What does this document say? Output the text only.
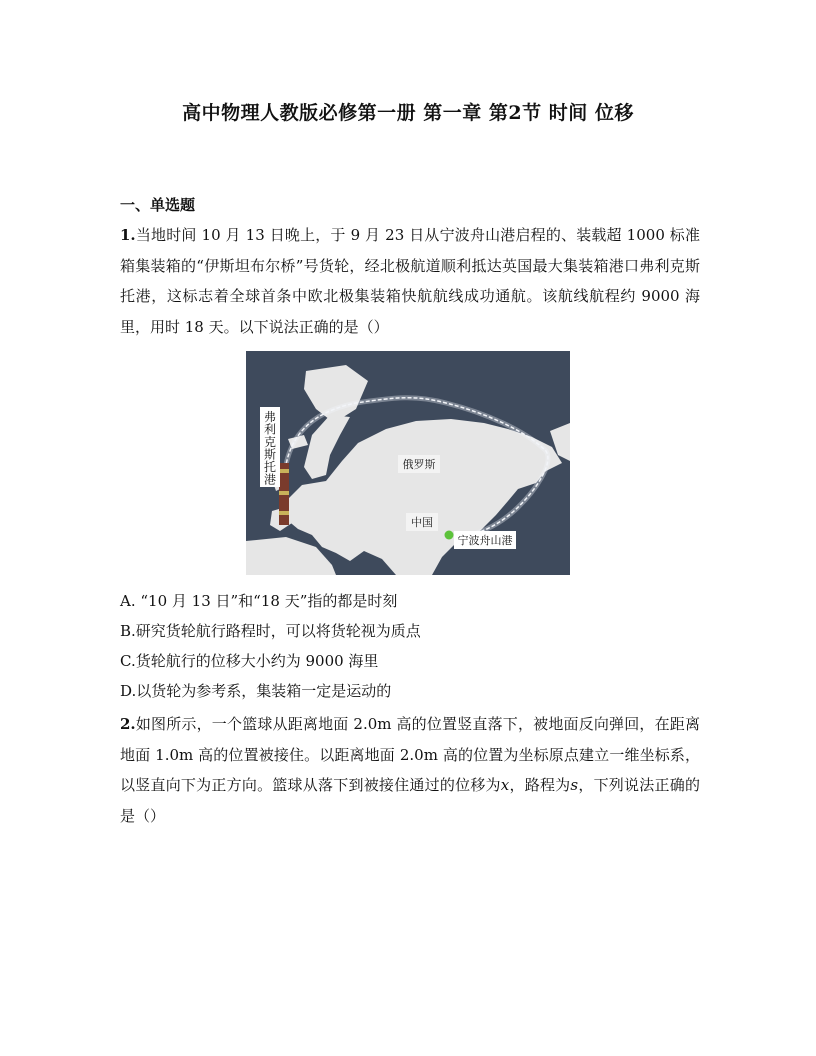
高中物理人教版必修第一册 第一章 第2节 时间 位移
一、单选题

1.当地时间 10 月 13 日晚上，于 9 月 23 日从宁波舟山港启程的、装载超 1000 标准箱集装箱的“伊斯坦布尔桥”号货轮，经北极航道顺利抵达英国最大集装箱港口弗利克斯托港，这标志着全球首条中欧北极集装箱快航航线成功通航。该航线航程约 9000 海里，用时 18 天。以下说法正确的是（）

弗利克斯托港
俄罗斯
中国
宁波舟山港

A. “10 月 13 日”和“18 天”指的都是时刻

B.研究货轮航行路程时，可以将货轮视为质点

C.货轮航行的位移大小约为 9000 海里

D.以货轮为参考系，集装箱一定是运动的

2.如图所示，一个篮球从距离地面 2.0m 高的位置竖直落下，被地面反向弹回，在距离地面 1.0m 高的位置被接住。以距离地面 2.0m 高的位置为坐标原点建立一维坐标系，以竖直向下为正方向。篮球从落下到被接住通过的位移为x，路程为s，下列说法正确的是（）
